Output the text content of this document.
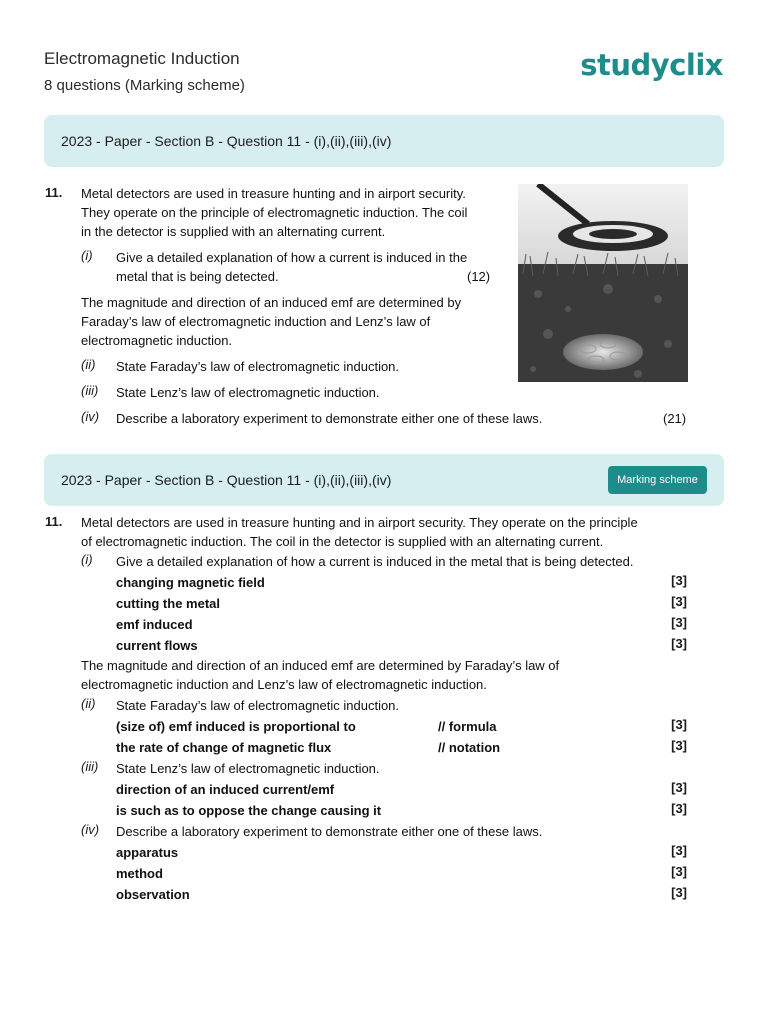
Electromagnetic Induction
8 questions (Marking scheme)
studyclix
2023 - Paper - Section B - Question 11 - (i),(ii),(iii),(iv)
11. Metal detectors are used in treasure hunting and in airport security.
They operate on the principle of electromagnetic induction. The coil
in the detector is supplied with an alternating current.
(i) Give a detailed explanation of how a current is induced in the
metal that is being detected.	(12)
The magnitude and direction of an induced emf are determined by
Faraday’s law of electromagnetic induction and Lenz’s law of
electromagnetic induction.
(ii) State Faraday’s law of electromagnetic induction.
(iii) State Lenz’s law of electromagnetic induction.
(iv) Describe a laboratory experiment to demonstrate either one of these laws.	(21)
2023 - Paper - Section B - Question 11 - (i),(ii),(iii),(iv)	Marking scheme
11. Metal detectors are used in treasure hunting and in airport security. They operate on the principle
of electromagnetic induction. The coil in the detector is supplied with an alternating current.
(i) Give a detailed explanation of how a current is induced in the metal that is being detected.
changing magnetic field	[3]
cutting the metal	[3]
emf induced	[3]
current flows	[3]
The magnitude and direction of an induced emf are determined by Faraday’s law of
electromagnetic induction and Lenz’s law of electromagnetic induction.
(ii) State Faraday’s law of electromagnetic induction.
(size of) emf induced is proportional to	// formula	[3]
the rate of change of magnetic flux	// notation	[3]
(iii) State Lenz’s law of electromagnetic induction.
direction of an induced current/emf	[3]
is such as to oppose the change causing it	[3]
(iv) Describe a laboratory experiment to demonstrate either one of these laws.
apparatus	[3]
method	[3]
observation	[3]
